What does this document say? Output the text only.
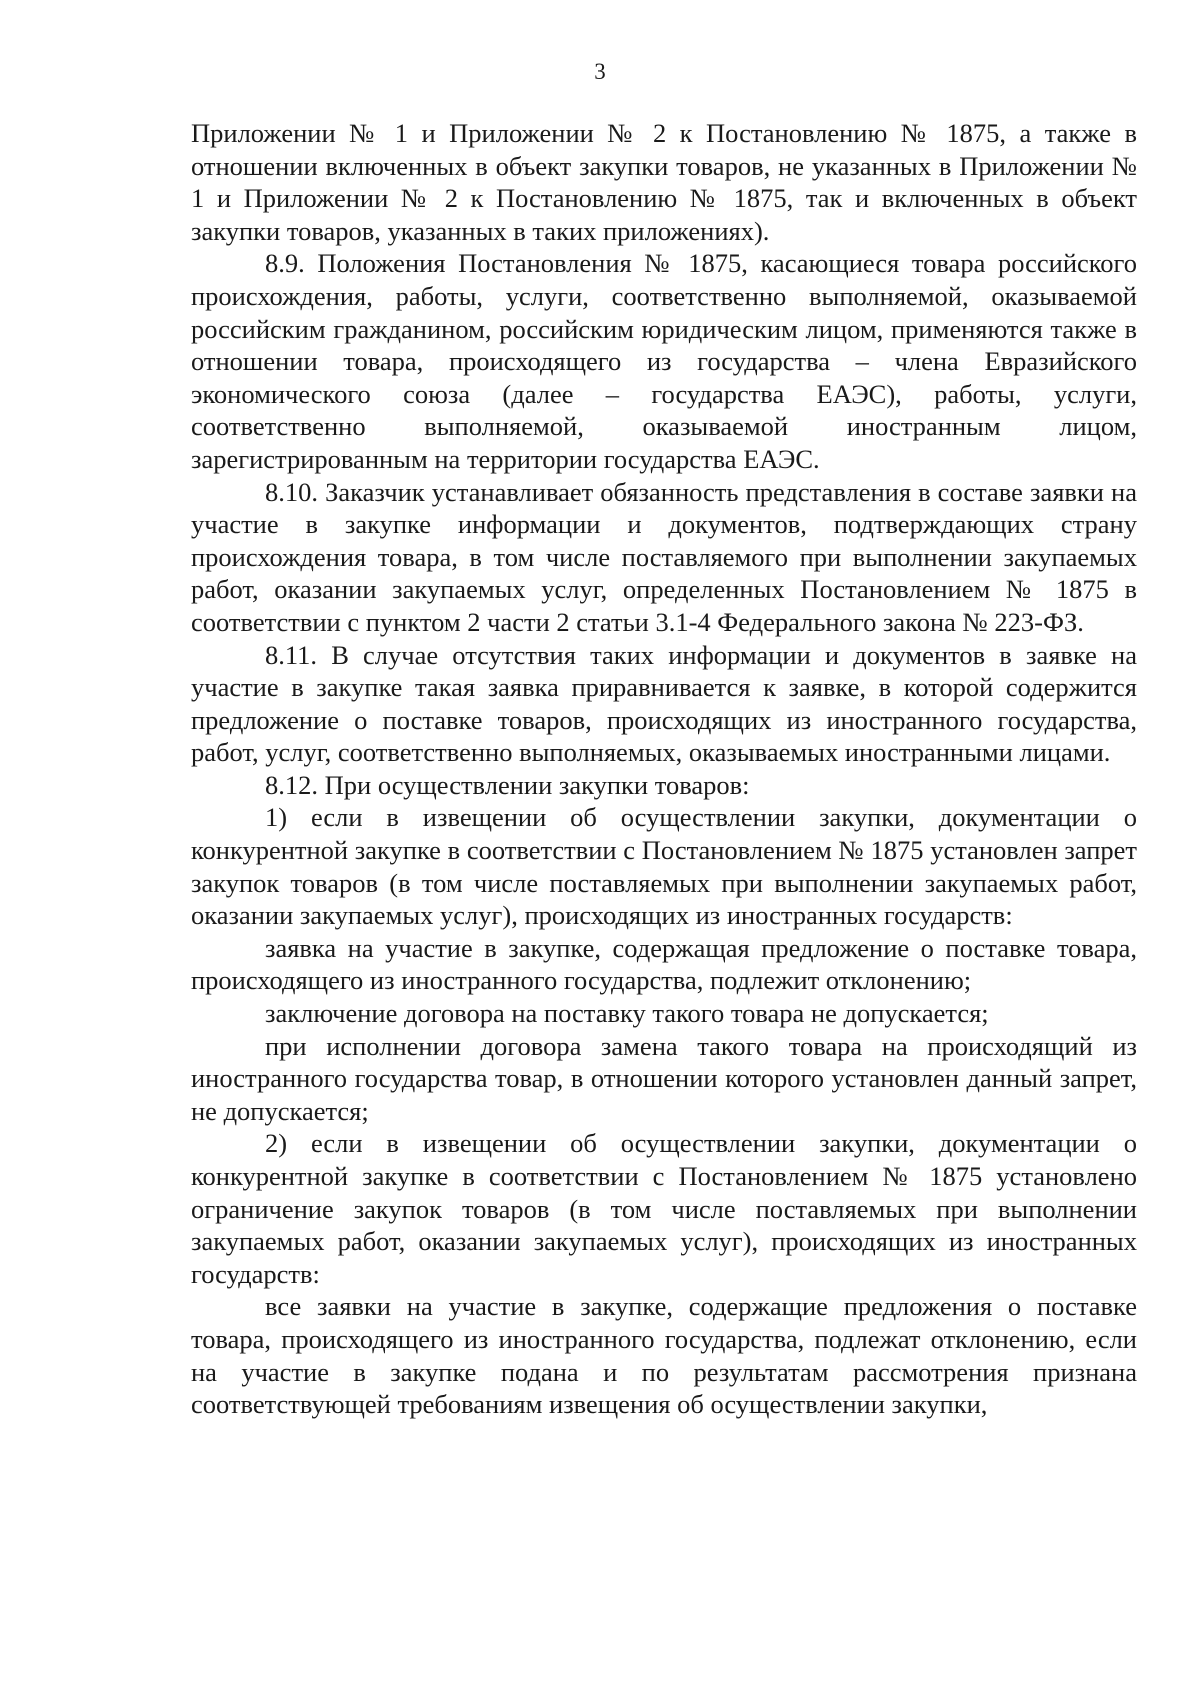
3

Приложении № 1 и Приложении № 2 к Постановлению № 1875, а также в отношении включенных в объект закупки товаров, не указанных в Приложении № 1 и Приложении № 2 к Постановлению № 1875, так и включенных в объект закупки товаров, указанных в таких приложениях).

8.9. Положения Постановления № 1875, касающиеся товара российского происхождения, работы, услуги, соответственно выполняемой, оказываемой российским гражданином, российским юридическим лицом, применяются также в отношении товара, происходящего из государства – члена Евразийского экономического союза (далее – государства ЕАЭС), работы, услуги, соответственно выполняемой, оказываемой иностранным лицом, зарегистрированным на территории государства ЕАЭС.

8.10. Заказчик устанавливает обязанность представления в составе заявки на участие в закупке информации и документов, подтверждающих страну происхождения товара, в том числе поставляемого при выполнении закупаемых работ, оказании закупаемых услуг, определенных Постановлением № 1875 в соответствии с пунктом 2 части 2 статьи 3.1-4 Федерального закона № 223-ФЗ.

8.11. В случае отсутствия таких информации и документов в заявке на участие в закупке такая заявка приравнивается к заявке, в которой содержится предложение о поставке товаров, происходящих из иностранного государства, работ, услуг, соответственно выполняемых, оказываемых иностранными лицами.

8.12. При осуществлении закупки товаров:

1) если в извещении об осуществлении закупки, документации о конкурентной закупке в соответствии с Постановлением № 1875 установлен запрет закупок товаров (в том числе поставляемых при выполнении закупаемых работ, оказании закупаемых услуг), происходящих из иностранных государств:

заявка на участие в закупке, содержащая предложение о поставке товара, происходящего из иностранного государства, подлежит отклонению;

заключение договора на поставку такого товара не допускается;

при исполнении договора замена такого товара на происходящий из иностранного государства товар, в отношении которого установлен данный запрет, не допускается;

2) если в извещении об осуществлении закупки, документации о конкурентной закупке в соответствии с Постановлением № 1875 установлено ограничение закупок товаров (в том числе поставляемых при выполнении закупаемых работ, оказании закупаемых услуг), происходящих из иностранных государств:

все заявки на участие в закупке, содержащие предложения о поставке товара, происходящего из иностранного государства, подлежат отклонению, если на участие в закупке подана и по результатам рассмотрения признана соответствующей требованиям извещения об осуществлении закупки,
